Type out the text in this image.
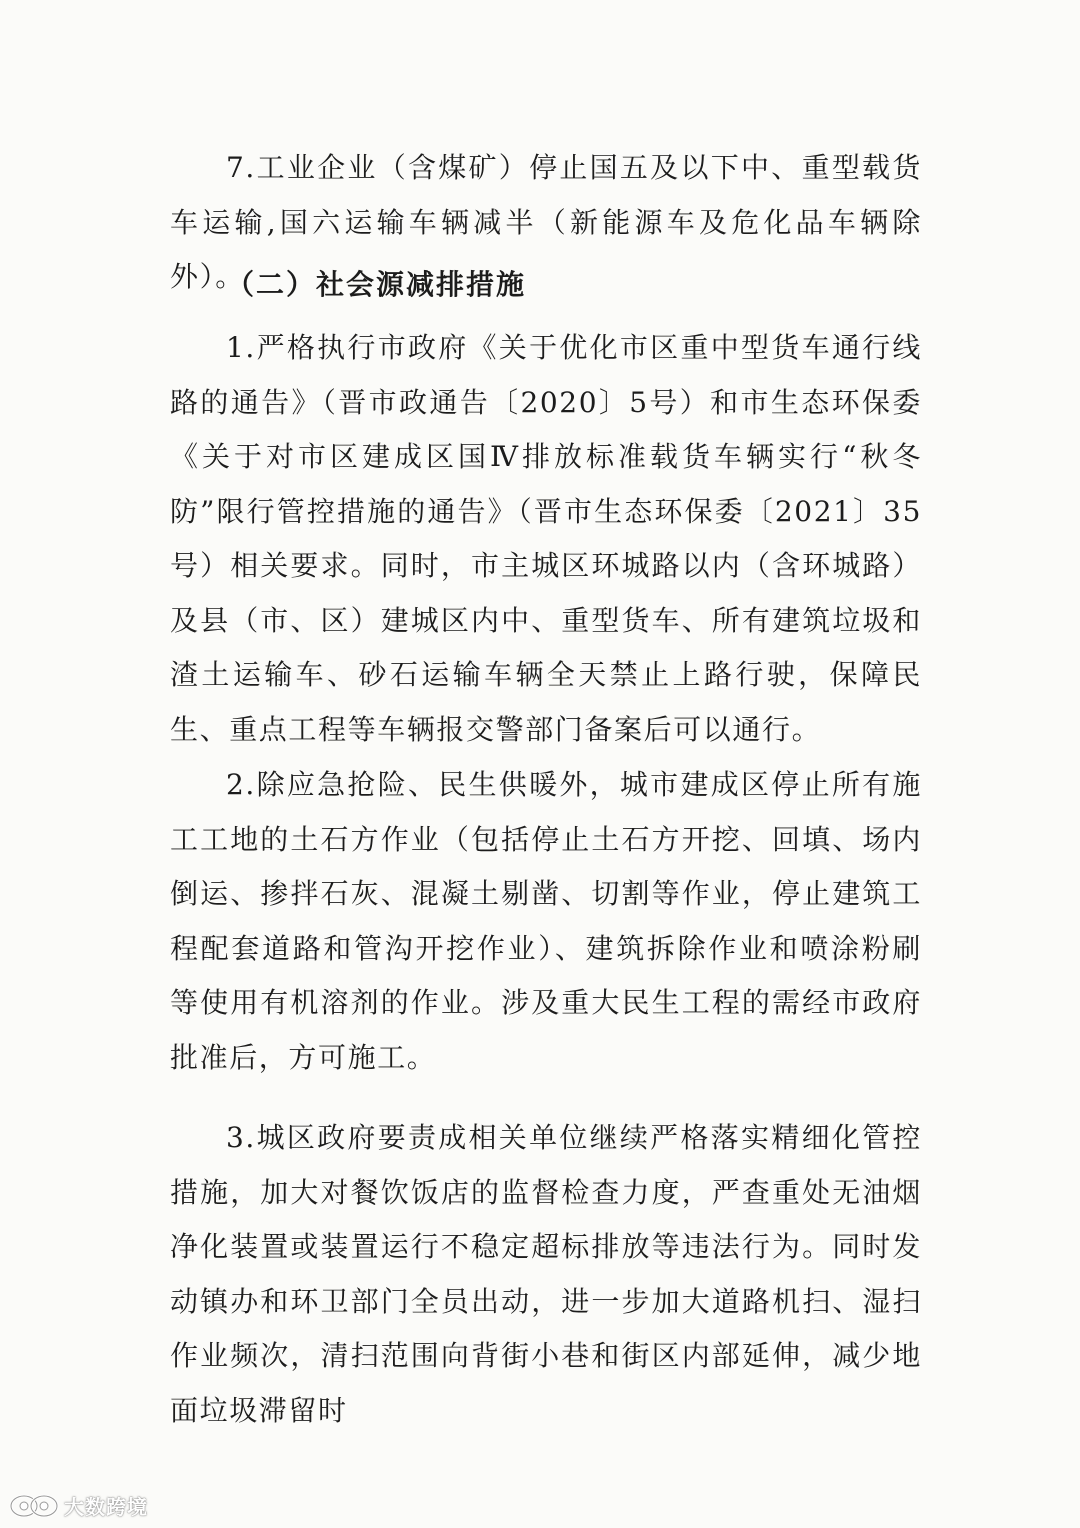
7.工业企业（含煤矿）停止国五及以下中、重型载货车运输,国六运输车辆减半（新能源车及危化品车辆除外）。

（二）社会源减排措施

1.严格执行市政府《关于优化市区重中型货车通行线路的通告》（晋市政通告〔2020〕5号）和市生态环保委《关于对市区建成区国Ⅳ排放标准载货车辆实行“秋冬防”限行管控措施的通告》（晋市生态环保委〔2021〕35号）相关要求。同时，市主城区环城路以内（含环城路）及县（市、区）建城区内中、重型货车、所有建筑垃圾和渣土运输车、砂石运输车辆全天禁止上路行驶，保障民生、重点工程等车辆报交警部门备案后可以通行。

2.除应急抢险、民生供暖外，城市建成区停止所有施工工地的土石方作业（包括停止土石方开挖、回填、场内倒运、掺拌石灰、混凝土剔凿、切割等作业，停止建筑工程配套道路和管沟开挖作业）、建筑拆除作业和喷涂粉刷等使用有机溶剂的作业。涉及重大民生工程的需经市政府批准后，方可施工。

3.城区政府要责成相关单位继续严格落实精细化管控措施，加大对餐饮饭店的监督检查力度，严查重处无油烟净化装置或装置运行不稳定超标排放等违法行为。同时发动镇办和环卫部门全员出动，进一步加大道路机扫、湿扫作业频次，清扫范围向背街小巷和街区内部延伸，减少地面垃圾滞留时

大数跨境
